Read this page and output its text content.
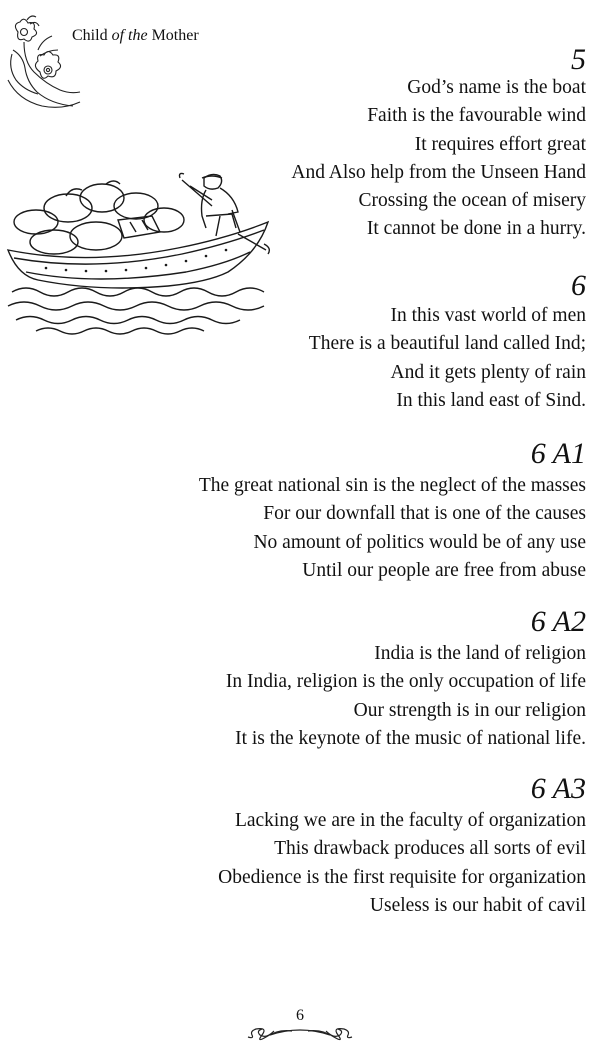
Child of the Mother
5
God’s name is the boat
Faith is the favourable wind
It requires effort great
And Also help from the Unseen Hand
Crossing the ocean of misery
It cannot be done in a hurry.
6
In this vast world of men
There is a beautiful land called Ind;
And it gets plenty of rain
In this land east of Sind.
6 A1
The great national sin is the neglect of the masses
For our downfall that is one of the causes
No amount of politics would be of any use
Until our people are free from abuse
6 A2
India is the land of religion
In India, religion is the only occupation of life
Our strength is in our religion
It is the keynote of the music of national life.
6 A3
Lacking we are in the faculty of organization
This drawback produces all sorts of evil
Obedience is the first requisite for organization
Useless is our habit of cavil
6
